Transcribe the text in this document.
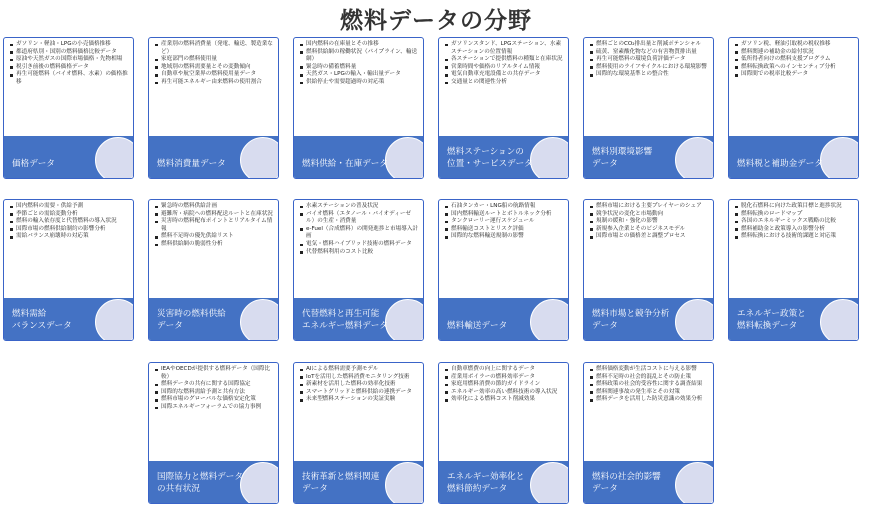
燃料データの分野
ガソリン・軽油・LPGの小売価格推移
都道府県別・国別の燃料価格比較データ
原油や天然ガスの国際市場価格・先物相場
税引き前後の燃料価格データ
再生可能燃料（バイオ燃料、水素）の価格推移
価格データ
産業別の燃料消費量（発電、輸送、製造業など）
家庭部門の燃料使用量
地域別の燃料需要量とその変動傾向
自動車や航空業界の燃料使用量データ
再生可能エネルギー由来燃料の使用割合
燃料消費量データ
国内燃料の在庫量とその推移
燃料供給網の稼働状況（パイプライン、輸送網）
緊急時の備蓄燃料量
天然ガス・LPGの輸入・輸出量データ
供給停止や需要超過時の対応策
燃料供給・在庫データ
ガソリンスタンド、LPGステーション、水素ステーションの位置情報
各ステーションで提供燃料の種類と在庫状況
営業時間や価格のリアルタイム情報
電気自動車充電設備との共存データ
交通量との関連性分析
燃料ステーションの
位置・サービスデータ
燃料ごとのCO₂排出量と削減ポテンシャル
硫黄、窒素酸化物などの有害物質排出量
再生可能燃料の環境負荷評価データ
燃料使用のライフサイクルにおける環境影響
国際的な環境基準との整合性
燃料別環境影響
データ
ガソリン税、軽油引取税の税収推移
燃料関連の補助金の給付状況
低所得者向けの燃料支援プログラム
燃料転換政策へのインセンティブ分析
国際間での税率比較データ
燃料税と補助金データ
国内燃料の需要・供給予測
季節ごとの需給変動分析
燃料の輸入依存度と代替燃料の導入状況
国際市場の燃料供給制約の影響分析
需給バランス崩壊時の対応策
燃料需給
バランスデータ
緊急時の燃料供給計画
避難所・病院への燃料配送ルートと在庫状況
災害時の燃料配布ポイントとリアルタイム情報
燃料不足時の優先供給リスト
燃料供給網の脆弱性分析
災害時の燃料供給
データ
水素ステーションの普及状況
バイオ燃料（エタノール・バイオディーゼル）の生産・消費量
e-Fuel（合成燃料）の開発進捗と市場導入計画
電気・燃料ハイブリッド技術の燃料データ
代替燃料利用のコスト比較
代替燃料と再生可能
エネルギー燃料データ
石油タンカー・LNG船の航路情報
国内燃料輸送ルートとボトルネック分析
タンクローリー運行スケジュール
燃料輸送コストとリスク評価
国際的な燃料輸送規制の影響
燃料輸送データ
燃料市場における主要プレイヤーのシェア
競争状況の変化と市場動向
規制の緩和・強化の影響
新規参入企業とそのビジネスモデル
国際市場との価格差と調整プロセス
燃料市場と競争分析
データ
脱化石燃料に向けた政策目標と進捗状況
燃料転換のロードマップ
各国のエネルギーミックス戦略の比較
燃料補助金と政策導入の影響分析
燃料転換における技術的課題と対応策
エネルギー政策と
燃料転換データ
IEAやOECDが提供する燃料データ（国際比較）
燃料データの共有に関する国際協定
国際的な燃料需給予測と共有方法
燃料市場のグローバルな価格安定化策
国際エネルギーフォーラムでの協力事例
国際協力と燃料データ
の共有状況
AIによる燃料需要予測モデル
IoTを活用した燃料消費モニタリング技術
新素材を活用した燃料の効率化技術
スマートグリッドと燃料供給の連携データ
未来型燃料ステーションの実証実験
技術革新と燃料関連
データ
自動車燃費の向上に関するデータ
産業用ボイラーの燃料効率データ
家庭用燃料消費の節約ガイドライン
エネルギー効率の高い燃料技術の導入状況
効率化による燃料コスト削減効果
エネルギー効率化と
燃料節約データ
燃料価格変動が生活コストに与える影響
燃料不足時の社会的混乱とその防止策
燃料政策の社会的受容性に関する調査結果
燃料関連事故の発生率とその対策
燃料データを活用した防災意識の効果分析
燃料の社会的影響
データ
